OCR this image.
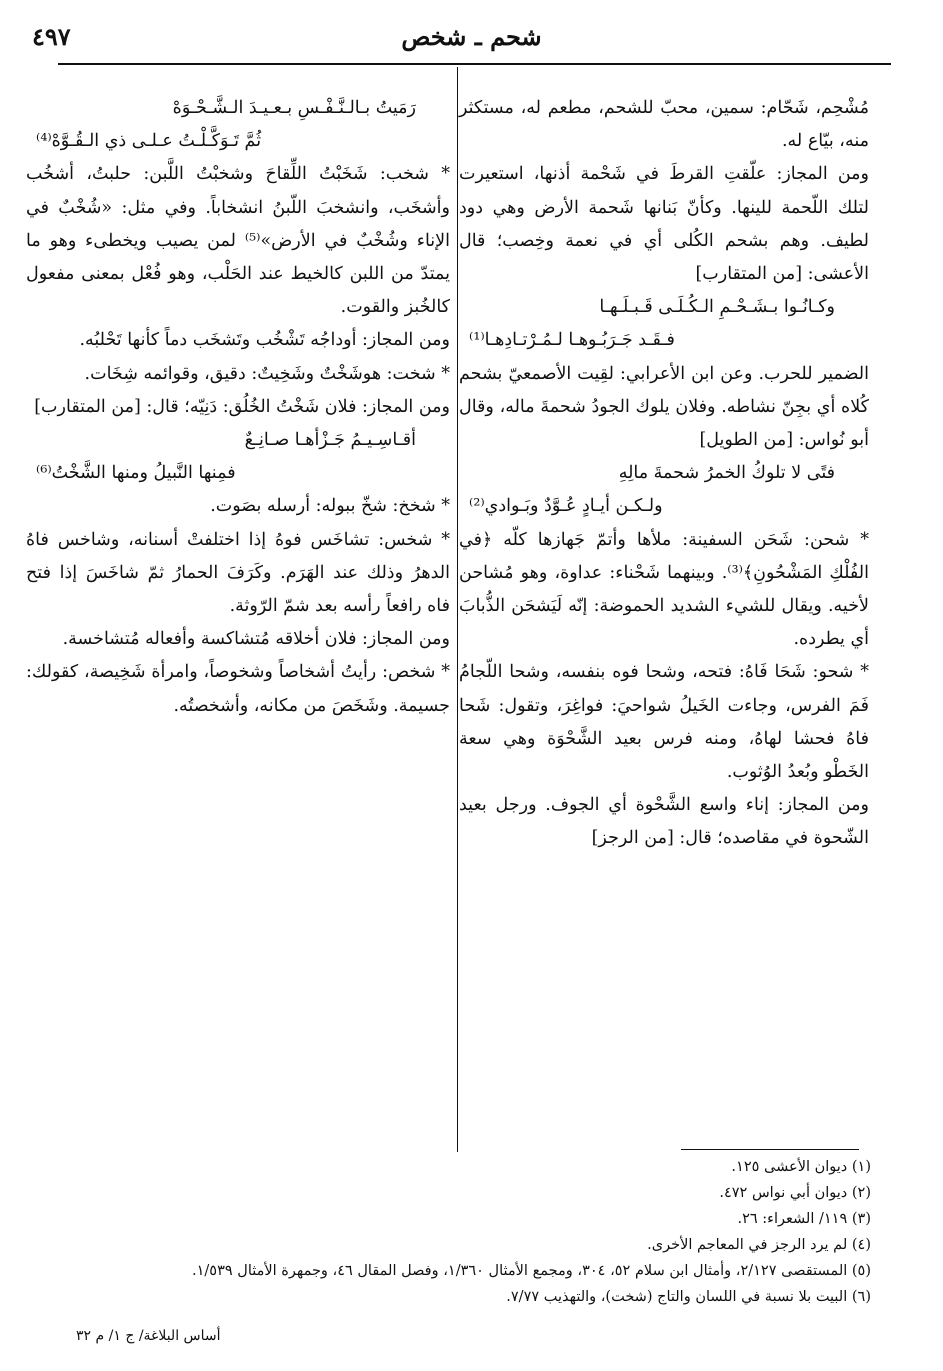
شحم ـ شخص
٤٩٧

مُشْحِم، شَحّام: سمين، محبّ للشحم، مطعم له، مستكثر منه، بيّاع له.

ومن المجاز: علّقتِ القرطَ في شَحْمة أذنها، استعيرت لتلك اللّحمة للينها. وكأنّ بَنانها شَحمة الأرض وهي دود لطيف. وهم بشحم الكُلى أي في نعمة وخِصب؛ قال الأعشى: [من المتقارب]

وكـانُـوا بـشَـحْـمِ الـكُـلَـى قَـبـلَـهـا

فـقَـد جَـرَبُـوهـا لـمُـرْتـادِهـا⁽¹⁾

الضمير للحرب. وعن ابن الأعرابي: لقِيت الأصمعيّ بشحم كُلاه أي بجِنّ نشاطه. وفلان يلوك الجودُ شحمةَ ماله، وقال أبو نُواس: [من الطويل]

فتًى لا تلوكُ الخمرُ شحمةَ مالِهِ

ولـكـن أيـادٍ عُـوَّدٌ وبَـوادي⁽²⁾

* شحن: شَحَن السفينة: ملأها وأتمّ جَهازها كلّه ﴿في الفُلْكِ المَشْحُونِ﴾⁽³⁾. وبينهما شَحْناء: عداوة، وهو مُشاحن لأخيه. ويقال للشيء الشديد الحموضة: إنّه لَيَشحَن الذُّبابَ أي يطرده.

* شحو: شَحَا فَاهُ: فتحه، وشحا فوه بنفسه، وشحا اللّجامُ فَمَ الفرس، وجاءت الخَيلُ شواحيَ: فواغِرَ، وتقول: شَحا فاهُ فحشا لهاهُ، ومنه فرس بعيد الشَّحْوَة وهي سعة الخَطْو وبُعدُ الوُثوب.

ومن المجاز: إناء واسع الشَّحْوة أي الجوف. ورجل بعيد الشّحوة في مقاصده؛ قال: [من الرجز]

رَمَيتُ بـالـنَّـفْـسِ بـعـيـدَ الـشَّـحْـوَهْ

ثُمَّ تَـوَكَّـلْـتُ عـلـى ذي الـقُـوَّهْ⁽⁴⁾

* شخب: شَخَبْتُ اللِّقاحَ وشخبْتُ اللَّبن: حلبتُ، أشخُب وأشخَب، وانشخبَ اللّبنُ انشخاباً. وفي مثل: «شُخْبٌ في الإناء وشُخْبٌ في الأرض»⁽⁵⁾ لمن يصيب ويخطىء وهو ما يمتدّ من اللبن كالخيط عند الحَلْب، وهو فُعْل بمعنى مفعول كالخُبز والقوت.

ومن المجاز: أوداجُه تَشْخُب وتَشخَب دماً كأنها تَحْلبُه.

* شخت: هوشَخْتٌ وشَخِيتٌ: دقيق، وقوائمه شِخَات.

ومن المجاز: فلان شَخْتُ الخُلُق: دَنِيّه؛ قال: [من المتقارب]

أقـاسِـيـمُ جَـزْأهـا صـانِـعٌ

فمِنها النَّبيلُ ومنها الشَّخْتُ⁽⁶⁾

* شخخ: شخّ ببوله: أرسله بصَوت.

* شخس: تشاخَس فوهُ إذا اختلفتْ أسنانه، وشاخس فاهُ الدهرُ وذلك عند الهَرَم. وكَرَفَ الحمارُ ثمّ شاخَسَ إذا فتح فاه رافعاً رأسه بعد شمّ الرّوثة.

ومن المجاز: فلان أخلاقه مُتشاكسة وأفعاله مُتشاخسة.

* شخص: رأيتُ أشخاصاً وشخوصاً، وامرأة شَخِيصة، كقولك: جسيمة. وشَخَصَ من مكانه، وأشخصتُه.

(١) ديوان الأعشى ١٢٥.

(٢) ديوان أبي نواس ٤٧٢.

(٣) ١١٩/ الشعراء: ٢٦.

(٤) لم يرد الرجز في المعاجم الأخرى.

(٥) المستقصى ٢/١٢٧، وأمثال ابن سلام ٥٢، ٣٠٤، ومجمع الأمثال ١/٣٦٠، وفصل المقال ٤٦، وجمهرة الأمثال ١/٥٣٩.

(٦) البيت بلا نسبة في اللسان والتاج (شخت)، والتهذيب ٧/٧٧.

أساس البلاغة/ ج ١/ م ٣٢
